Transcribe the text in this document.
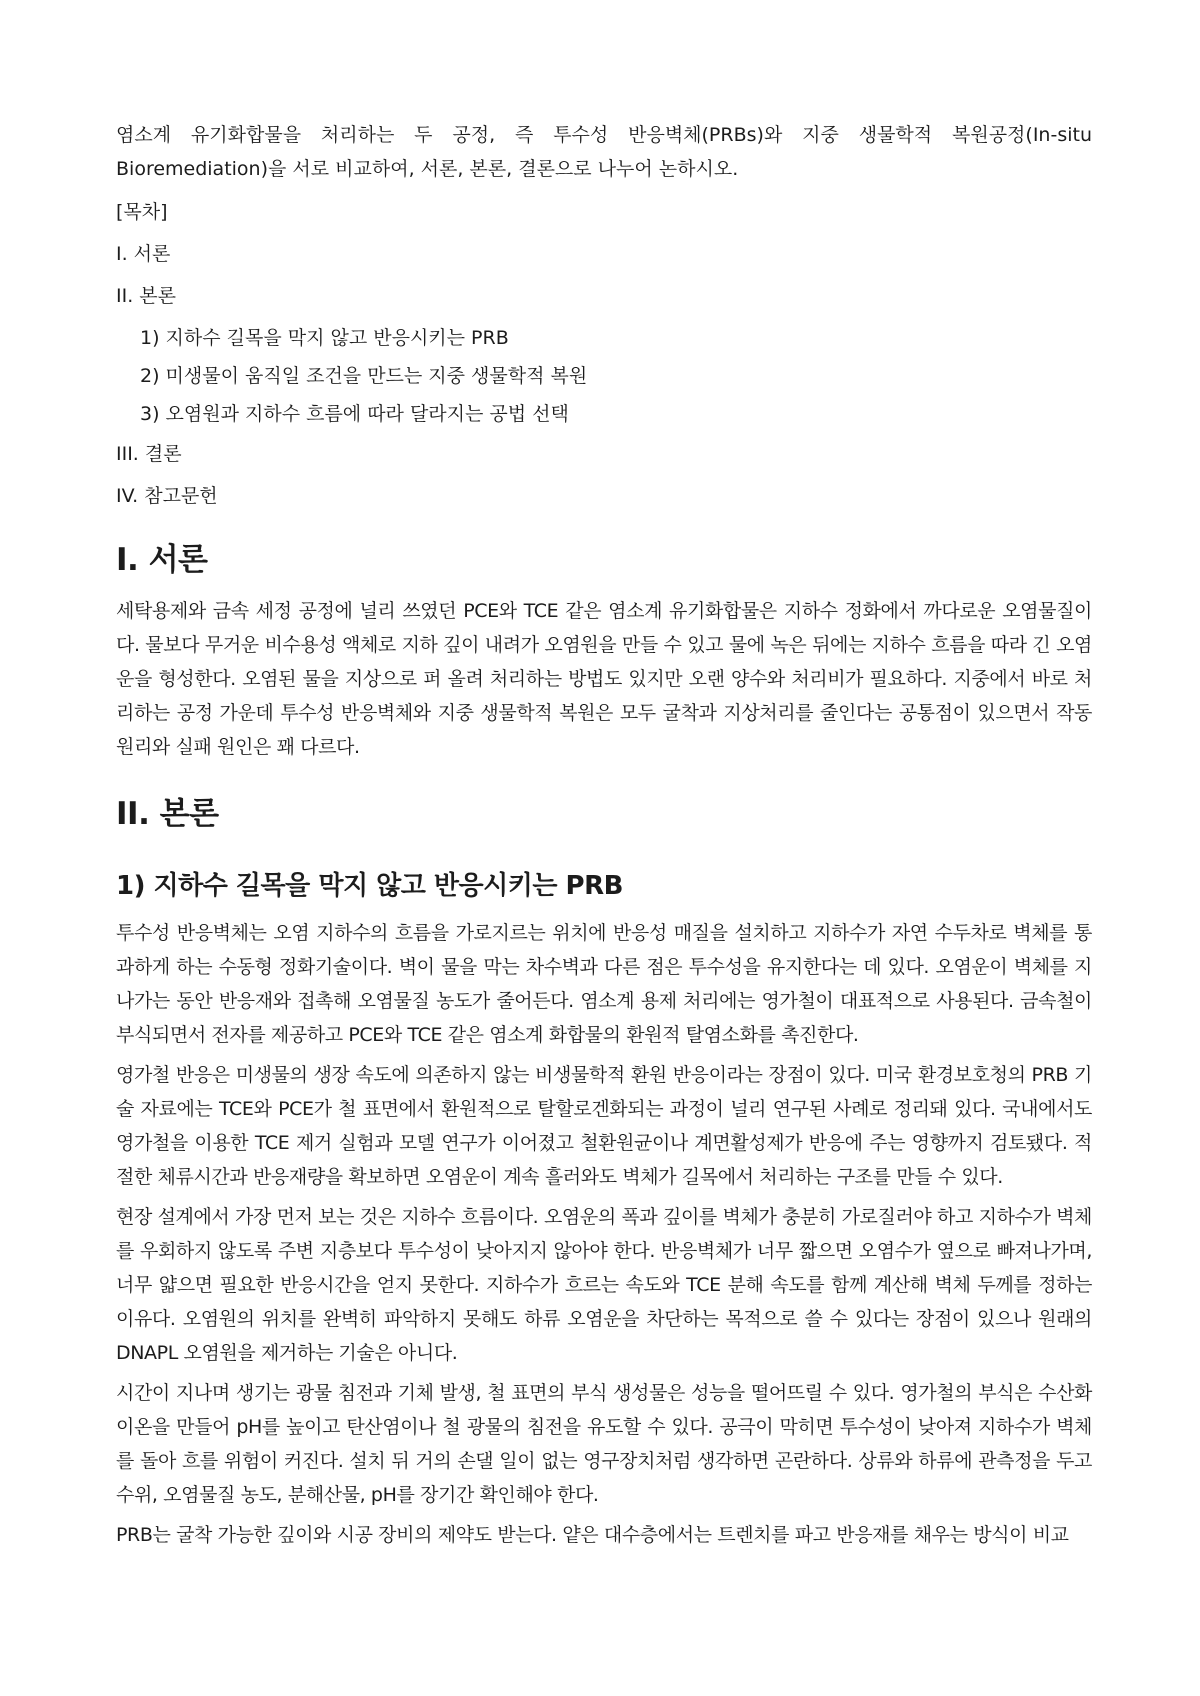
염소계 유기화합물을 처리하는 두 공정, 즉 투수성 반응벽체(PRBs)와 지중 생물학적 복원공정(In-situ Bioremediation)을 서로 비교하여, 서론, 본론, 결론으로 나누어 논하시오.

[목차]
I. 서론
II. 본론
1) 지하수 길목을 막지 않고 반응시키는 PRB
2) 미생물이 움직일 조건을 만드는 지중 생물학적 복원
3) 오염원과 지하수 흐름에 따라 달라지는 공법 선택
III. 결론
IV. 참고문헌
I. 서론

세탁용제와 금속 세정 공정에 널리 쓰였던 PCE와 TCE 같은 염소계 유기화합물은 지하수 정화에서 까다로운 오염물질이다. 물보다 무거운 비수용성 액체로 지하 깊이 내려가 오염원을 만들 수 있고 물에 녹은 뒤에는 지하수 흐름을 따라 긴 오염운을 형성한다. 오염된 물을 지상으로 퍼 올려 처리하는 방법도 있지만 오랜 양수와 처리비가 필요하다. 지중에서 바로 처리하는 공정 가운데 투수성 반응벽체와 지중 생물학적 복원은 모두 굴착과 지상처리를 줄인다는 공통점이 있으면서 작동 원리와 실패 원인은 꽤 다르다.

II. 본론
1) 지하수 길목을 막지 않고 반응시키는 PRB

투수성 반응벽체는 오염 지하수의 흐름을 가로지르는 위치에 반응성 매질을 설치하고 지하수가 자연 수두차로 벽체를 통과하게 하는 수동형 정화기술이다. 벽이 물을 막는 차수벽과 다른 점은 투수성을 유지한다는 데 있다. 오염운이 벽체를 지나가는 동안 반응재와 접촉해 오염물질 농도가 줄어든다. 염소계 용제 처리에는 영가철이 대표적으로 사용된다. 금속철이 부식되면서 전자를 제공하고 PCE와 TCE 같은 염소계 화합물의 환원적 탈염소화를 촉진한다.

영가철 반응은 미생물의 생장 속도에 의존하지 않는 비생물학적 환원 반응이라는 장점이 있다. 미국 환경보호청의 PRB 기술 자료에는 TCE와 PCE가 철 표면에서 환원적으로 탈할로겐화되는 과정이 널리 연구된 사례로 정리돼 있다. 국내에서도 영가철을 이용한 TCE 제거 실험과 모델 연구가 이어졌고 철환원균이나 계면활성제가 반응에 주는 영향까지 검토됐다. 적절한 체류시간과 반응재량을 확보하면 오염운이 계속 흘러와도 벽체가 길목에서 처리하는 구조를 만들 수 있다.

현장 설계에서 가장 먼저 보는 것은 지하수 흐름이다. 오염운의 폭과 깊이를 벽체가 충분히 가로질러야 하고 지하수가 벽체를 우회하지 않도록 주변 지층보다 투수성이 낮아지지 않아야 한다. 반응벽체가 너무 짧으면 오염수가 옆으로 빠져나가며, 너무 얇으면 필요한 반응시간을 얻지 못한다. 지하수가 흐르는 속도와 TCE 분해 속도를 함께 계산해 벽체 두께를 정하는 이유다. 오염원의 위치를 완벽히 파악하지 못해도 하류 오염운을 차단하는 목적으로 쓸 수 있다는 장점이 있으나 원래의 DNAPL 오염원을 제거하는 기술은 아니다.

시간이 지나며 생기는 광물 침전과 기체 발생, 철 표면의 부식 생성물은 성능을 떨어뜨릴 수 있다. 영가철의 부식은 수산화이온을 만들어 pH를 높이고 탄산염이나 철 광물의 침전을 유도할 수 있다. 공극이 막히면 투수성이 낮아져 지하수가 벽체를 돌아 흐를 위험이 커진다. 설치 뒤 거의 손댈 일이 없는 영구장치처럼 생각하면 곤란하다. 상류와 하류에 관측정을 두고 수위, 오염물질 농도, 분해산물, pH를 장기간 확인해야 한다.

PRB는 굴착 가능한 깊이와 시공 장비의 제약도 받는다. 얕은 대수층에서는 트렌치를 파고 반응재를 채우는 방식이 비교
